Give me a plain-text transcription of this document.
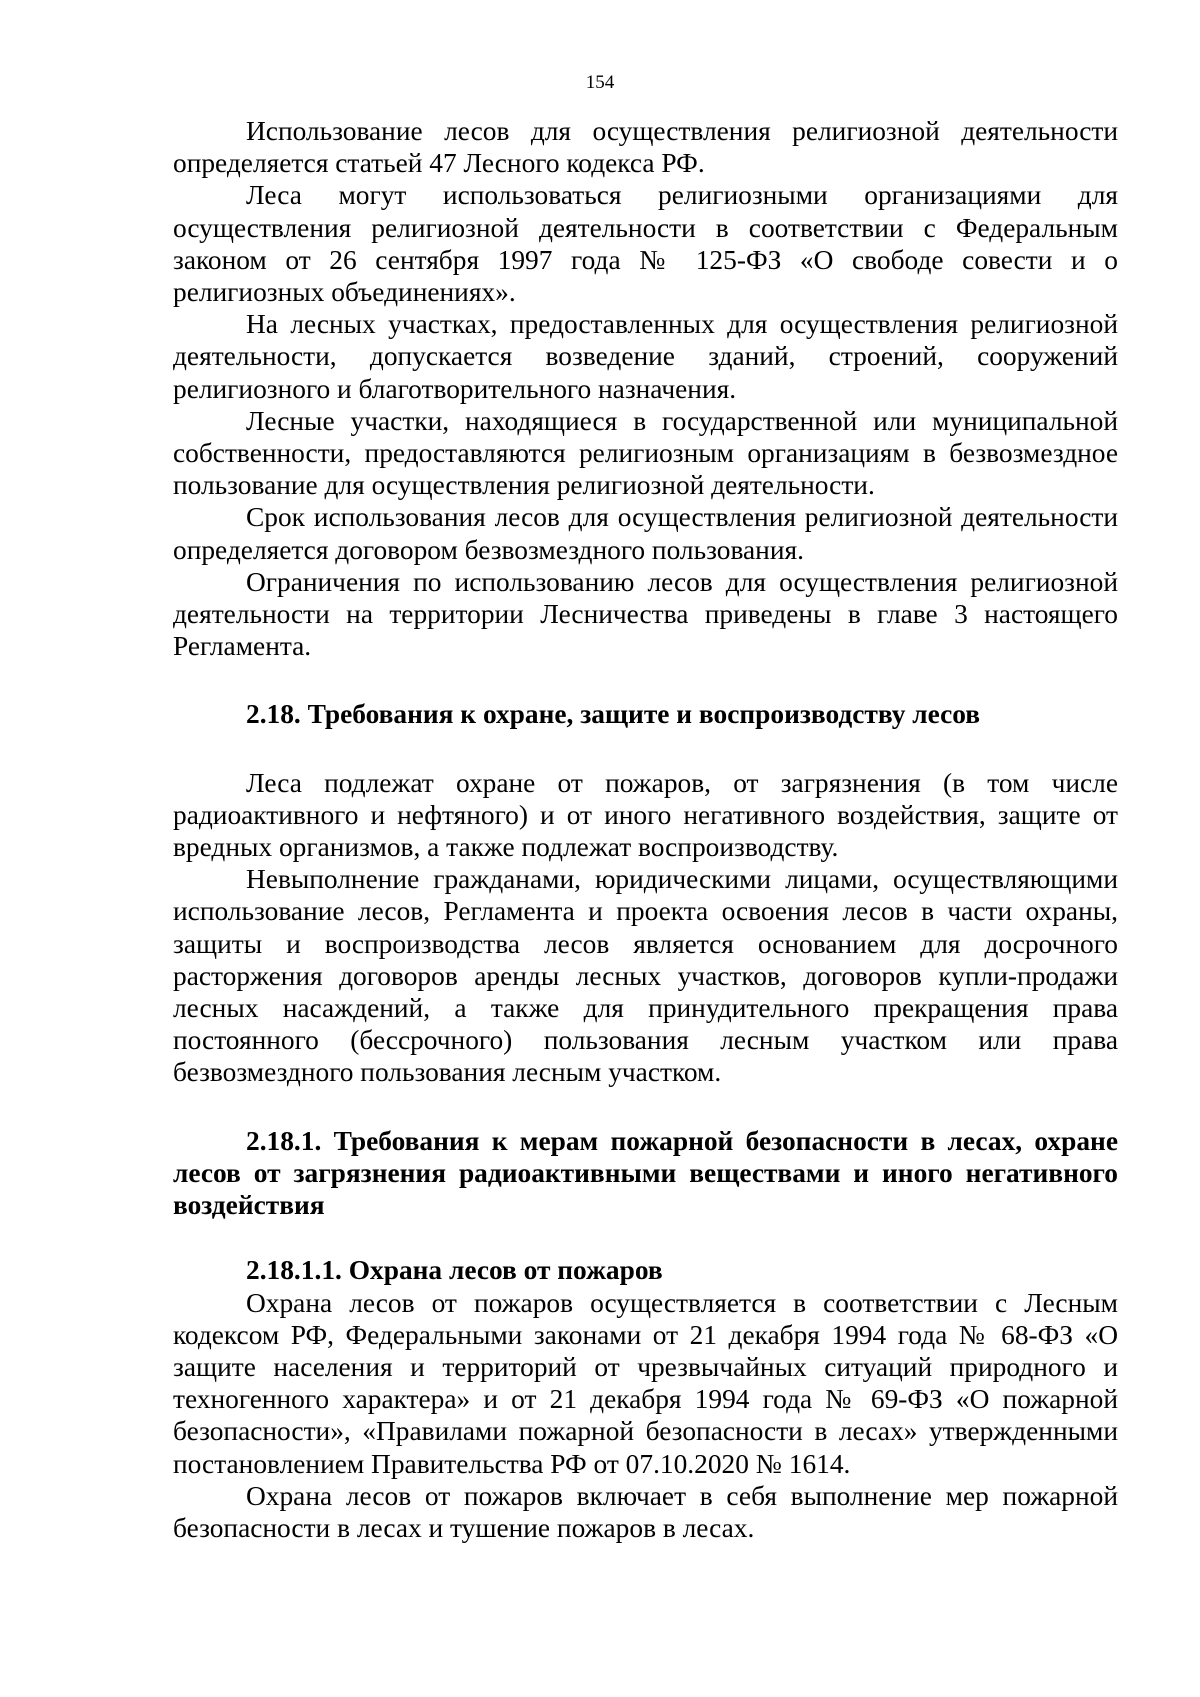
154

Использование лесов для осуществления религиозной деятельности определяется статьей 47 Лесного кодекса РФ.

Леса могут использоваться религиозными организациями для осуществления религиозной деятельности в соответствии с Федеральным законом от 26 сентября 1997 года № 125-ФЗ «О свободе совести и о религиозных объединениях».

На лесных участках, предоставленных для осуществления религиозной деятельности, допускается возведение зданий, строений, сооружений религиозного и благотворительного назначения.

Лесные участки, находящиеся в государственной или муниципальной собственности, предоставляются религиозным организациям в безвозмездное пользование для осуществления религиозной деятельности.

Срок использования лесов для осуществления религиозной деятельности определяется договором безвозмездного пользования.

Ограничения по использованию лесов для осуществления религиозной деятельности на территории Лесничества приведены в главе 3 настоящего Регламента.

2.18. Требования к охране, защите и воспроизводству лесов

Леса подлежат охране от пожаров, от загрязнения (в том числе радиоактивного и нефтяного) и от иного негативного воздействия, защите от вредных организмов, а также подлежат воспроизводству.

Невыполнение гражданами, юридическими лицами, осуществляющими использование лесов, Регламента и проекта освоения лесов в части охраны, защиты и воспроизводства лесов является основанием для досрочного расторжения договоров аренды лесных участков, договоров купли-продажи лесных насаждений, а также для принудительного прекращения права постоянного (бессрочного) пользования лесным участком или права безвозмездного пользования лесным участком.

2.18.1. Требования к мерам пожарной безопасности в лесах, охране лесов от загрязнения радиоактивными веществами и иного негативного воздействия

2.18.1.1. Охрана лесов от пожаров

Охрана лесов от пожаров осуществляется в соответствии с Лесным кодексом РФ, Федеральными законами от 21 декабря 1994 года № 68-ФЗ «О защите населения и территорий от чрезвычайных ситуаций природного и техногенного характера» и от 21 декабря 1994 года № 69-ФЗ «О пожарной безопасности», «Правилами пожарной безопасности в лесах» утвержденными постановлением Правительства РФ от 07.10.2020 № 1614.

Охрана лесов от пожаров включает в себя выполнение мер пожарной безопасности в лесах и тушение пожаров в лесах.
